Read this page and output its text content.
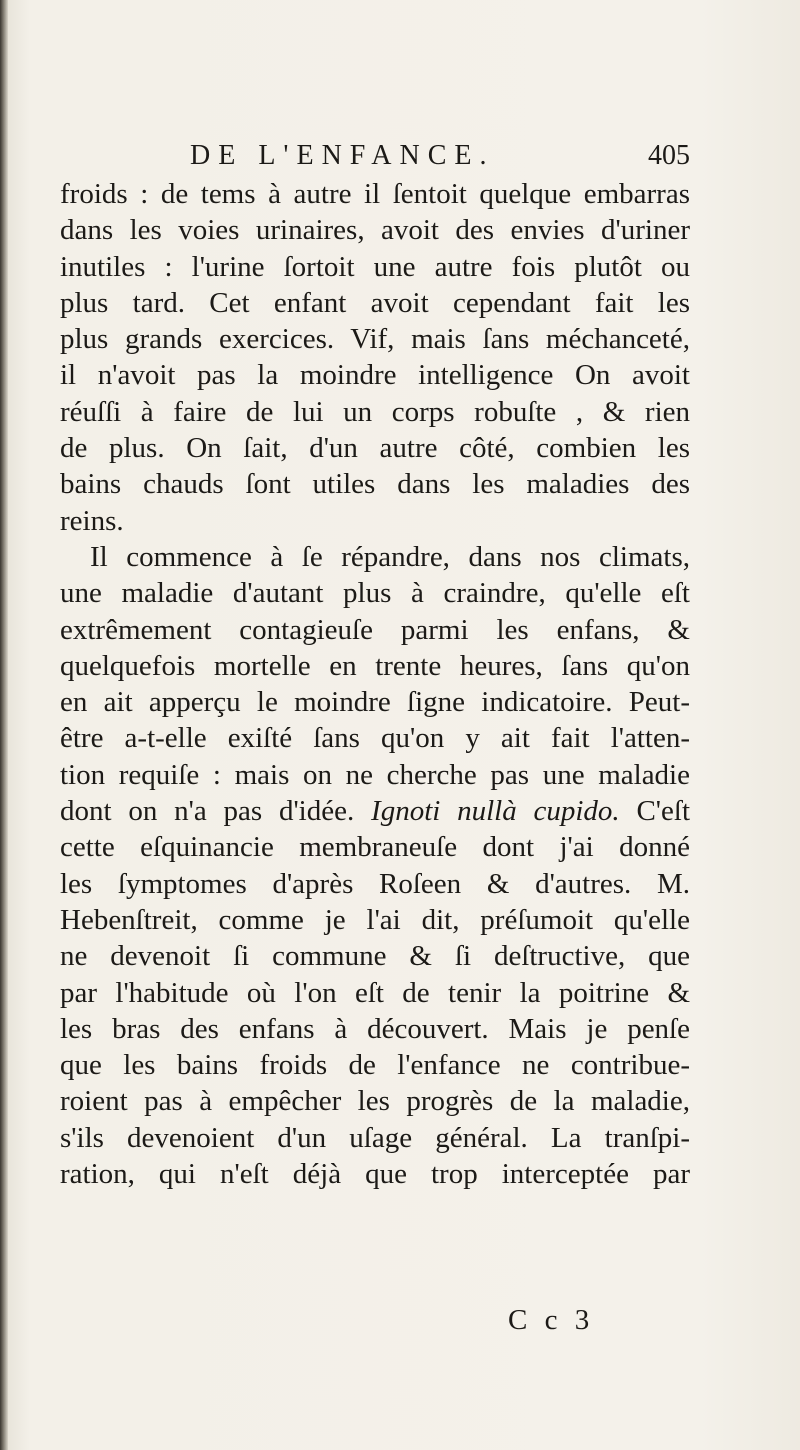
DE L'ENFANCE.	405
froids : de tems à autre il ſentoit quelque embarras
dans les voies urinaires, avoit des envies d'uriner
inutiles : l'urine ſortoit une autre fois plutôt ou
plus tard. Cet enfant avoit cependant fait les
plus grands exercices. Vif, mais ſans méchanceté,
il n'avoit pas la moindre intelligence On avoit
réuſſi à faire de lui un corps robuſte , & rien
de plus. On ſait, d'un autre côté, combien les
bains chauds ſont utiles dans les maladies des
reins.
Il commence à ſe répandre, dans nos climats,
une maladie d'autant plus à craindre, qu'elle eſt
extrêmement contagieuſe parmi les enfans, &
quelquefois mortelle en trente heures, ſans qu'on
en ait apperçu le moindre ſigne indicatoire. Peut-
être a-t-elle exiſté ſans qu'on y ait fait l'atten-
tion requiſe : mais on ne cherche pas une maladie
dont on n'a pas d'idée. Ignoti nullà cupido. C'eſt
cette eſquinancie membraneuſe dont j'ai donné
les ſymptomes d'après Roſeen & d'autres. M.
Hebenſtreit, comme je l'ai dit, préſumoit qu'elle
ne devenoit ſi commune & ſi deſtructive, que
par l'habitude où l'on eſt de tenir la poitrine &
les bras des enfans à découvert. Mais je penſe
que les bains froids de l'enfance ne contribue-
roient pas à empêcher les progrès de la maladie,
s'ils devenoient d'un uſage général. La tranſpi-
ration, qui n'eſt déjà que trop interceptée par
C c 3
